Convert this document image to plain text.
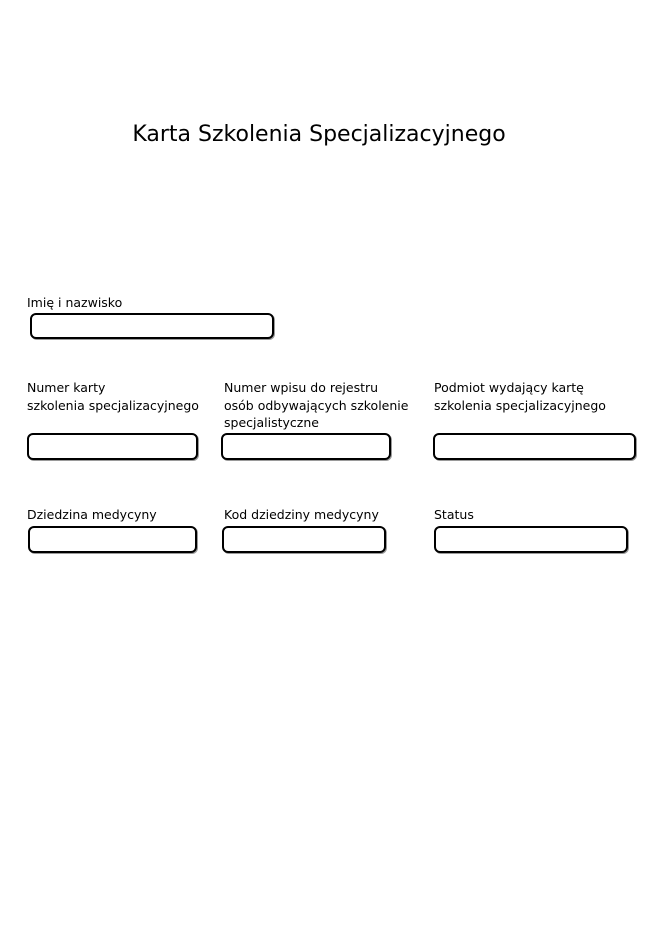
Karta Szkolenia Specjalizacyjnego
Imię i nazwisko
Numer karty
szkolenia specjalizacyjnego
Numer wpisu do rejestru
osób odbywających szkolenie
specjalistyczne
Podmiot wydający kartę
szkolenia specjalizacyjnego
Dziedzina medycyny	Kod dziedziny medycyny	Status
